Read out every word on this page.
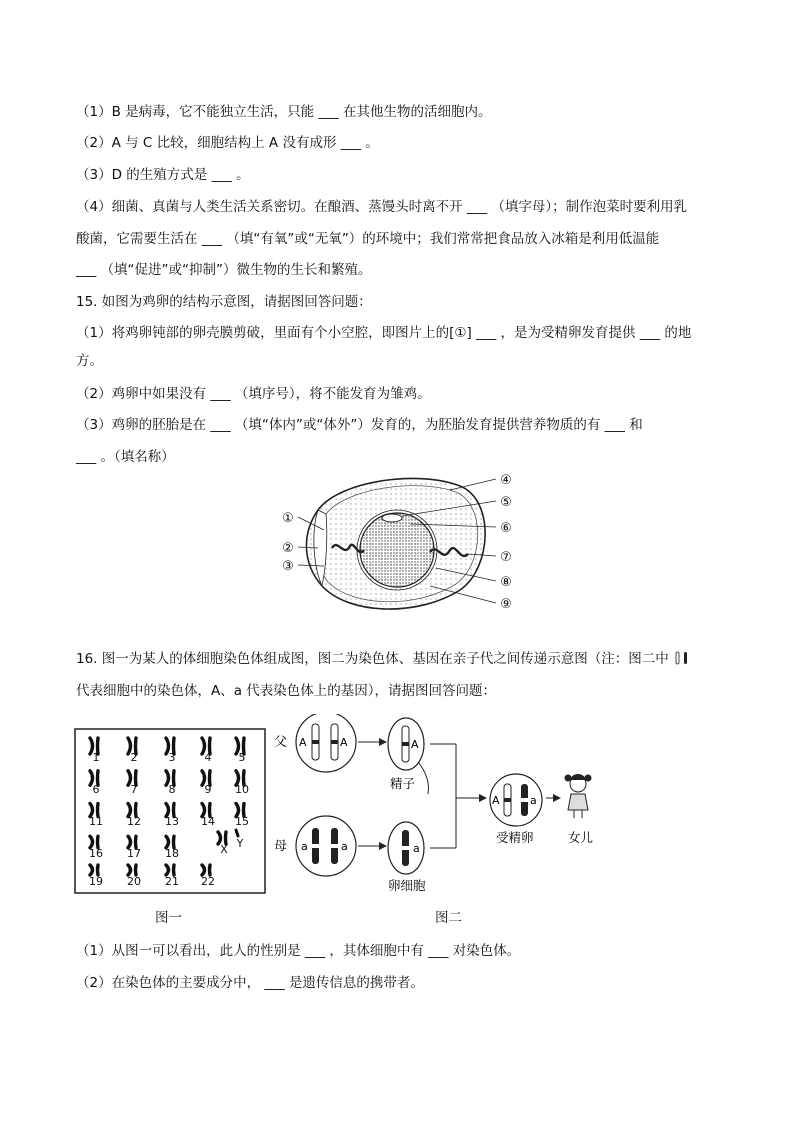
（1）B 是病毒，它不能独立生活，只能 ___ 在其他生物的活细胞内。
（2）A 与 C 比较，细胞结构上 A 没有成形 ___ 。
（3）D 的生殖方式是 ___ 。
（4）细菌、真菌与人类生活关系密切。在酿酒、蒸馒头时离不开 ___ （填字母）；制作泡菜时要利用乳
酸菌，它需要生活在 ___ （填“有氧”或“无氧”）的环境中；我们常常把食品放入冰箱是利用低温能
___ （填“促进”或“抑制”）微生物的生长和繁殖。
15. 如图为鸡卵的结构示意图，请据图回答问题：
（1）将鸡卵钝部的卵壳膜剪破，里面有个小空腔，即图片上的[①] ___ ，是为受精卵发育提供 ___ 的地
方。
（2）鸡卵中如果没有 ___ （填序号），将不能发育为雏鸡。
（3）鸡卵的胚胎是在 ___ （填“体内”或“体外”）发育的，为胚胎发育提供营养物质的有 ___ 和
___ 。（填名称）
①
②
③
④
⑤
⑥
⑦
⑧
⑨
16. 图一为某人的体细胞染色体组成图，图二为染色体、基因在亲子代之间传递示意图（注：图二中
代表细胞中的染色体，A、a 代表染色体上的基因），请据图回答问题：
1	2	3	4 5
6	7	8	9 10
11 12 13 14 15
16 17 18	X Y
19 20 21 22
图一
父
母
A	A	A
精子
a	a	a
卵细胞
A	a
受精卵	女儿
图二
（1）从图一可以看出，此人的性别是 ___ ，其体细胞中有 ___ 对染色体。
（2）在染色体的主要成分中， ___ 是遗传信息的携带者。
